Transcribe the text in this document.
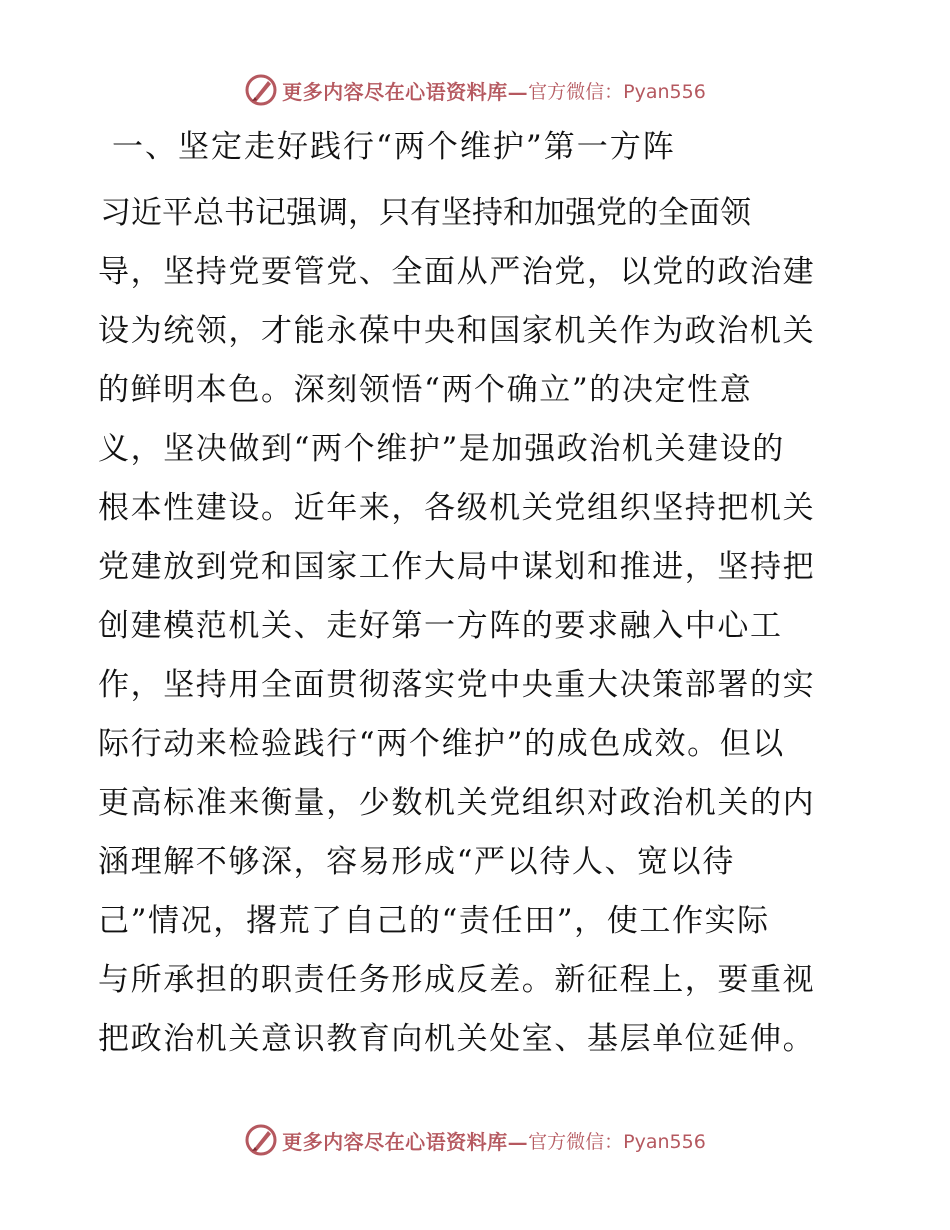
更多内容尽在心语资料库— 官方微信：Pyan556
一、坚定走好践行“两个维护”第一方阵
习近平总书记强调，只有坚持和加强党的全面领
导，坚持党要管党、全面从严治党，以党的政治建
设为统领，才能永葆中央和国家机关作为政治机关
的鲜明本色。深刻领悟“两个确立”的决定性意
义，坚决做到“两个维护”是加强政治机关建设的
根本性建设。近年来，各级机关党组织坚持把机关
党建放到党和国家工作大局中谋划和推进，坚持把
创建模范机关、走好第一方阵的要求融入中心工
作，坚持用全面贯彻落实党中央重大决策部署的实
际行动来检验践行“两个维护”的成色成效。但以
更高标准来衡量，少数机关党组织对政治机关的内
涵理解不够深，容易形成“严以待人、宽以待
己”情况，撂荒了自己的“责任田”，使工作实际
与所承担的职责任务形成反差。新征程上，要重视
把政治机关意识教育向机关处室、基层单位延伸。
更多内容尽在心语资料库— 官方微信：Pyan556
